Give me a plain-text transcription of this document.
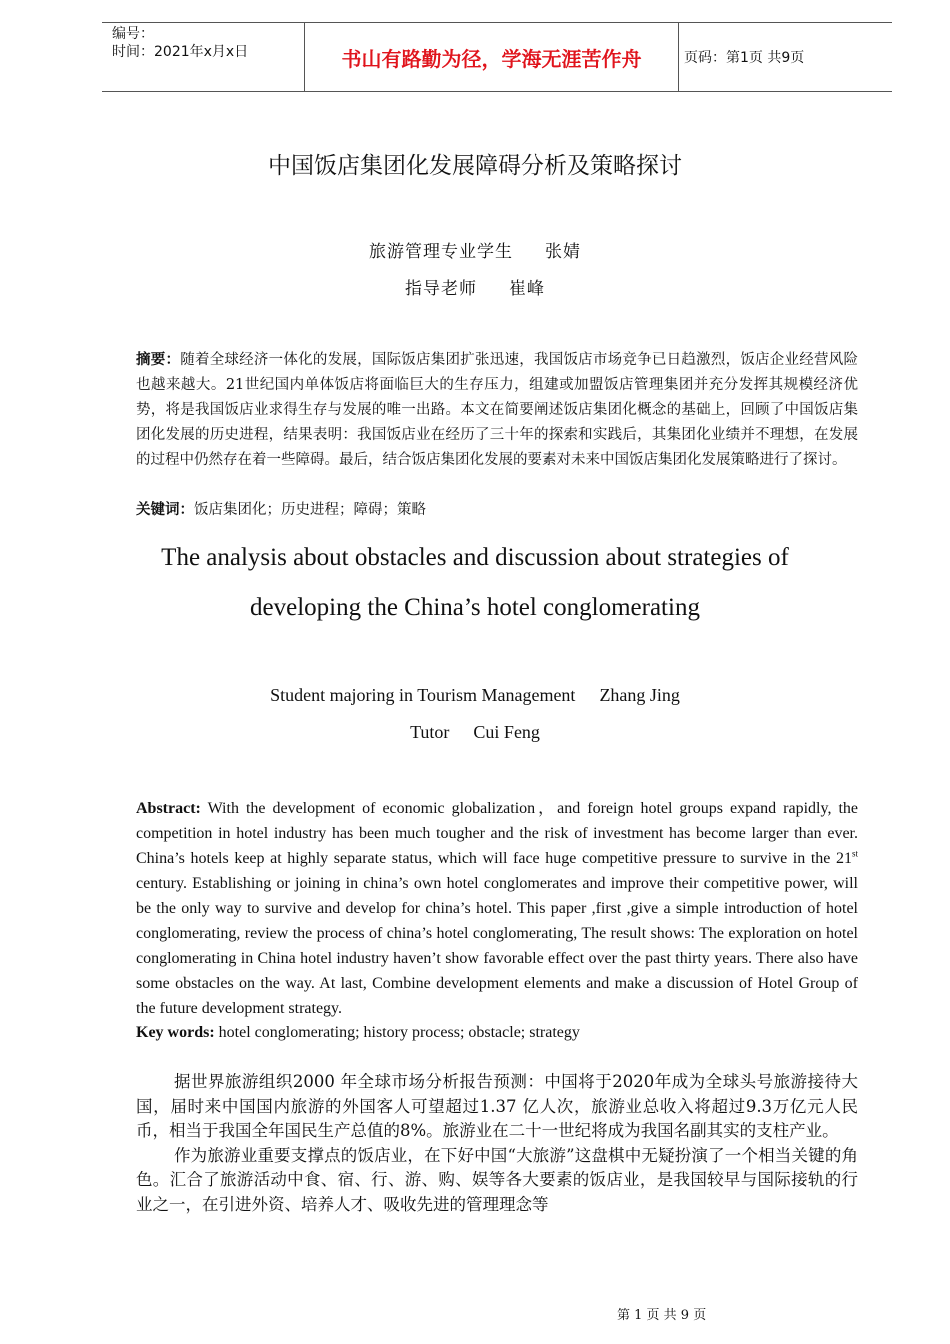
编号：
时间：2021年x月x日	书山有路勤为径，学海无涯苦作舟	页码：第1页 共9页
中国饭店集团化发展障碍分析及策略探讨
旅游管理专业学生 张婧
指导老师 崔峰
摘要：随着全球经济一体化的发展，国际饭店集团扩张迅速，我国饭店市场竞争已日趋激烈，饭店企业经营风险也越来越大。21世纪国内单体饭店将面临巨大的生存压力，组建或加盟饭店管理集团并充分发挥其规模经济优势，将是我国饭店业求得生存与发展的唯一出路。本文在简要阐述饭店集团化概念的基础上，回顾了中国饭店集团化发展的历史进程，结果表明：我国饭店业在经历了三十年的探索和实践后，其集团化业绩并不理想，在发展的过程中仍然存在着一些障碍。最后，结合饭店集团化发展的要素对未来中国饭店集团化发展策略进行了探讨。
关键词：饭店集团化；历史进程；障碍；策略
The analysis about obstacles and discussion about strategies of
developing the China’s hotel conglomerating
Student majoring in Tourism Management Zhang Jing
Tutor Cui Feng
Abstract: With the development of economic globalization，and foreign hotel groups expand rapidly, the competition in hotel industry has been much tougher and the risk of investment has become larger than ever. China’s hotels keep at highly separate status, which will face huge competitive pressure to survive in the 21st century. Establishing or joining in china’s own hotel conglomerates and improve their competitive power, will be the only way to survive and develop for china’s hotel. This paper ,first ,give a simple introduction of hotel conglomerating, review the process of china’s hotel conglomerating, The result shows: The exploration on hotel conglomerating in China hotel industry haven’t show favorable effect over the past thirty years. There also have some obstacles on the way. At last, Combine development elements and make a discussion of Hotel Group of the future development strategy.
Key words: hotel conglomerating; history process; obstacle; strategy

据世界旅游组织2000 年全球市场分析报告预测：中国将于2020年成为全球头号旅游接待大国，届时来中国国内旅游的外国客人可望超过1.37 亿人次，旅游业总收入将超过9.3万亿元人民币，相当于我国全年国民生产总值的8%。旅游业在二十一世纪将成为我国名副其实的支柱产业。

作为旅游业重要支撑点的饭店业，在下好中国“大旅游”这盘棋中无疑扮演了一个相当关键的角色。汇合了旅游活动中食、宿、行、游、购、娱等各大要素的饭店业，是我国较早与国际接轨的行业之一，在引进外资、培养人才、吸收先进的管理理念等

第 1 页 共 9 页
